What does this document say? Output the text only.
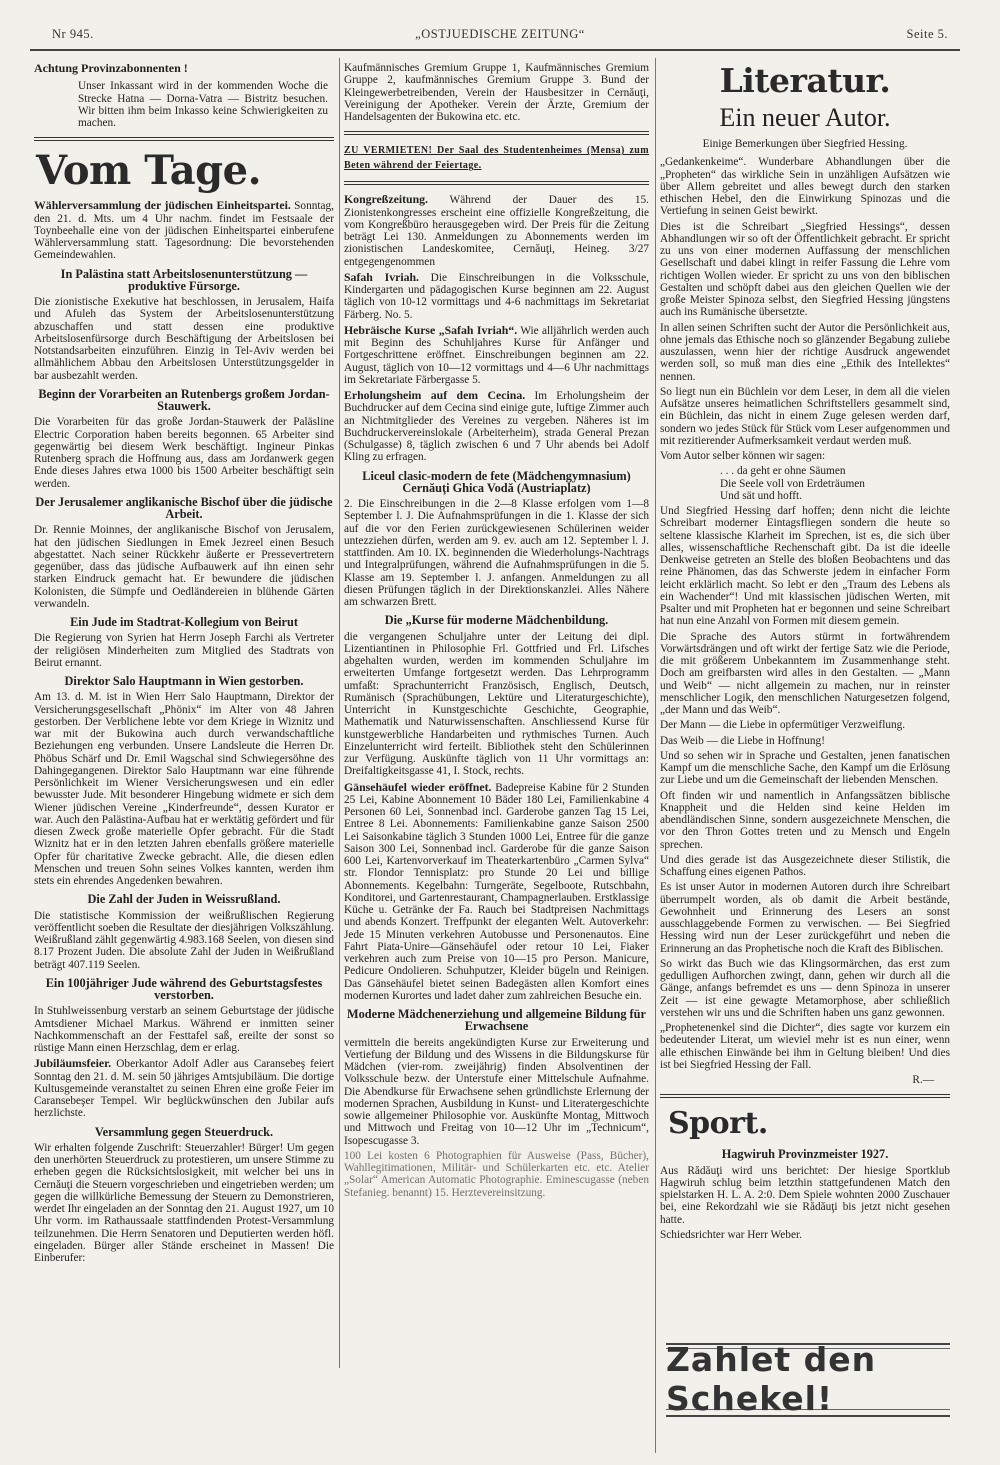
Nr 945.	„OSTJUEDISCHE ZEITUNG“	Seite 5.
Achtung Provinzabonnenten !

Unser Inkassant wird in der kommenden Woche die Strecke Hatna — Dorna-Vatra — Bistritz besuchen. Wir bitten ihm beim Inkasso keine Schwierigkeiten zu machen.

Vom Tage.

Wählerversammlung der jüdischen Einheitspartei. Sonntag, den 21. d. Mts. um 4 Uhr nachm. findet im Festsaale der Toynbeehalle eine von der jüdischen Einheitspartei einberufene Wählerversammlung statt. Tagesordnung: Die bevorstehenden Gemeindewahlen.

In Palästina statt Arbeitslosenunterstützung — produktive Fürsorge.

Die zionistische Exekutive hat beschlossen, in Jerusalem, Haifa und Afuleh das System der Arbeitslosenunterstützung abzuschaffen und statt dessen eine produktive Arbeitslosenfürsorge durch Beschäftigung der Arbeitslosen bei Notstandsarbeiten einzuführen. Einzig in Tel-Aviv werden bei allmählichem Abbau den Arbeitslosen Unterstützungsgelder in bar ausbezahlt werden.

Beginn der Vorarbeiten an Rutenbergs großem Jordan-Stauwerk.

Die Vorarbeiten für das große Jordan-Stauwerk der Paläsline Electric Corporation haben bereits begonnen. 65 Arbeiter sind gegenwärtig bei diesem Werk beschäftigt. Ingineur Pinkas Rutenberg sprach die Hoffnung aus, dass am Jordanwerk gegen Ende dieses Jahres etwa 1000 bis 1500 Arbeiter beschäftigt sein werden.

Der Jerusalemer anglikanische Bischof über die jüdische Arbeit.

Dr. Rennie Moinnes, der anglikanische Bischof von Jerusalem, hat den jüdischen Siedlungen in Emek Jezreel einen Besuch abgestattet. Nach seiner Rückkehr äußerte er Pressevertretern gegenüber, dass das jüdische Aufbauwerk auf ihn einen sehr starken Eindruck gemacht hat. Er bewundere die jüdischen Kolonisten, die Sümpfe und Oedländereien in blühende Gärten verwandeln.

Ein Jude im Stadtrat-Kollegium von Beirut

Die Regierung von Syrien hat Herrn Joseph Farchi als Vertreter der religiösen Minderheiten zum Mitglied des Stadtrats von Beirut ernannt.

Direktor Salo Hauptmann in Wien gestorben.

Am 13. d. M. ist in Wien Herr Salo Hauptmann, Direktor der Versicherungsgesellschaft „Phönix“ im Alter von 48 Jahren gestorben. Der Verblichene lebte vor dem Kriege in Wiznitz und war mit der Bukowina auch durch verwandschaftliche Beziehungen eng verbunden. Unsere Landsleute die Herren Dr. Phöbus Schärf und Dr. Emil Wagschal sind Schwiegersöhne des Dahingegangenen. Direktor Salo Hauptmann war eine führende Persönlichkeit im Wiener Versicherungswesen und ein edler bewusster Jude. Mit besonderer Hingebung widmete er sich dem Wiener jüdischen Vereine „Kinderfreunde“, dessen Kurator er war. Auch den Palästina-Aufbau hat er werktätig gefördert und für diesen Zweck große materielle Opfer gebracht. Für die Stadt Wiznitz hat er in den letzten Jahren ebenfalls größere materielle Opfer für charitative Zwecke gebracht. Alle, die diesen edlen Menschen und treuen Sohn seines Volkes kannten, werden ihm stets ein ehrendes Angedenken bewahren.

Die Zahl der Juden in Weissrußland.

Die statistische Kommission der weißrußlischen Regierung veröffentlicht soeben die Resultate der diesjährigen Volkszählung. Weißrußland zählt gegenwärtig 4.983.168 Seelen, von diesen sind 8.17 Prozent Juden. Die absolute Zahl der Juden in Weißrußland beträgt 407.119 Seelen.

Ein 100jähriger Jude während des Geburtstagsfestes verstorben.

In Stuhlweissenburg verstarb an seinem Geburtstage der jüdische Amtsdiener Michael Markus. Während er inmitten seiner Nachkommenschaft an der Festtafel saß, ereilte der sonst so rüstige Mann einen Herzschlag, dem er erlag.

Jubiläumsfeier. Oberkantor Adolf Adler aus Caransebeş feiert Sonntag den 21. d. M. sein 50 jähriges Amtsjubiläum. Die dortige Kultusgemeinde veranstaltet zu seinen Ehren eine große Feier im Caransebeşer Tempel. Wir beglückwünschen den Jubilar aufs herzlichste.

Versammlung gegen Steuerdruck.

Wir erhalten folgende Zuschrift: Steuerzahler! Bürger! Um gegen den unerhörten Steuerdruck zu protestieren, um unsere Stimme zu erheben gegen die Rücksichtslosigkeit, mit welcher bei uns in Cernăuţi die Steuern vorgeschrieben und eingetrieben werden; um gegen die willkürliche Bemessung der Steuern zu Demonstrieren, werdet Ihr eingeladen an der Sonntag den 21. August 1927, um 10 Uhr vorm. im Rathaussaale stattfindenden Protest-Versammlung teilzunehmen. Die Herrn Senatoren und Deputierten werden höfl. eingeladen. Bürger aller Stände erscheinet in Massen! Die Einberufer:

Kaufmännisches Gremium Gruppe 1, Kaufmännisches Gremium Gruppe 2, kaufmännisches Gremium Gruppe 3. Bund der Kleingewerbetreibenden, Verein der Hausbesitzer in Cernăuţi, Vereinigung der Apotheker. Verein der Ärzte, Gremium der Handelsagenten der Bukowina etc. etc.

ZU VERMIETEN! Der Saal des Studentenheimes (Mensa) zum Beten während der Feiertage.

Kongreßzeitung. Während der Dauer des 15. Zionistenkongresses erscheint eine offizielle Kongreßzeitung, die vom Kongreßbüro herausgegeben wird. Der Preis für die Zeitung beträgt Lei 130. Anmeldungen zu Abonnements werden im zionistischen Landeskomitee, Cernăuţi, Heineg. 3/27 entgegengenommen

Safah Ivriah. Die Einschreibungen in die Volksschule, Kindergarten und pädagogischen Kurse beginnen am 22. August täglich von 10-12 vormittags und 4-6 nachmittags im Sekretariat Färberg. No. 5.

Hebräische Kurse „Safah Ivriah“. Wie alljährlich werden auch mit Beginn des Schuhljahres Kurse für Anfänger und Fortgeschrittene eröffnet. Einschreibungen beginnen am 22. August, täglich von 10—12 vormittags und 4—6 Uhr nachmittags im Sekretariate Färbergasse 5.

Erholungsheim auf dem Cecina. Im Erholungsheim der Buchdrucker auf dem Cecina sind einige gute, luftige Zimmer auch an Nichtmitglieder des Vereines zu vergeben. Näheres ist im Buchdruckervereinslokale (Arbeiterheim), strada General Prezan (Schulgasse) 8, täglich zwischen 6 und 7 Uhr abends bei Adolf Kling zu erfragen.

Liceul clasic-modern de fete (Mädchengymnasium) Cernăuţi Ghica Vodă (Austriaplatz)

2. Die Einschreibungen in die 2—8 Klasse erfolgen vom 1—8 September l. J. Die Aufnahmsprüfungen in die 1. Klasse der sich auf die vor den Ferien zurückgewiesenen Schülerinen weider untezziehen dürfen, werden am 9. ev. auch am 12. September l. J. stattfinden. Am 10. IX. beginnenden die Wiederholungs-Nachtrags und Integralprüfungen, während die Aufnahmsprüfungen in die 5. Klasse am 19. September l. J. anfangen. Anmeldungen zu all diesen Prüfungen täglich in der Direktionskanzlei. Alles Nähere am schwarzen Brett.

Die „Kurse für moderne Mädchenbildung.

die vergangenen Schuljahre unter der Leitung dei dipl. Lizentiantinen in Philosophie Frl. Gottfried und Frl. Lifsches abgehalten wurden, werden im kommenden Schuljahre im erweiterten Umfange fortgesetzt werden. Das Lehrprogramm umfaßt: Sprachunterricht Französisch, Englisch, Deutsch, Rumänisch (Sprachübungen, Lektüre und Literaturgeschichte), Unterricht in Kunstgeschichte Geschichte, Geographie, Mathematik und Naturwissenschaften. Anschliessend Kurse für kunstgewerbliche Handarbeiten und rythmisches Turnen. Auch Einzelunterricht wird ferteilt. Bibliothek steht den Schülerinnen zur Verfügung. Auskünfte täglich von 11 Uhr vormittags an: Dreifaltigkeitsgasse 41, I. Stock, rechts.

Gänsehäufel wieder eröffnet. Badepreise Kabine für 2 Stunden 25 Lei, Kabine Abonnement 10 Bäder 180 Lei, Familienkabine 4 Personen 60 Lei, Sonnenbad incl. Garderobe ganzen Tag 15 Lei, Entree 8 Lei. Abonnements: Familienkabine ganze Saison 2500 Lei Saisonkabine täglich 3 Stunden 1000 Lei, Entree für die ganze Saison 300 Lei, Sonnenbad incl. Garderobe für die ganze Saison 600 Lei, Kartenvorverkauf im Theaterkartenbüro „Carmen Sylva“ str. Flondor Tennisplatz: pro Stunde 20 Lei und billige Abonnements. Kegelbahn: Turngeräte, Segelboote, Rutschbahn, Konditorei, und Gartenrestaurant, Champagnerlauben. Erstklassige Küche u. Getränke der Fa. Rauch bei Stadtpreisen Nachmittags und abends Konzert. Treffpunkt der eleganten Welt. Autoverkehr: Jede 15 Minuten verkehren Autobusse und Personenautos. Eine Fahrt Piata-Unire—Gänsehäufel oder retour 10 Lei, Fiaker verkehren auch zum Preise von 10—15 pro Person. Manicure, Pedicure Ondolieren. Schuhputzer, Kleider bügeln und Reinigen. Das Gänsehäufel bietet seinen Badegästen allen Komfort eines modernen Kurortes und ladet daher zum zahlreichen Besuche ein.

Moderne Mädchenerziehung und allgemeine Bildung für Erwachsene

vermitteln die bereits angekündigten Kurse zur Erweiterung und Vertiefung der Bildung und des Wissens in die Bildungskurse für Mädchen (vier-rom. zweijährig) finden Absolventinen der Volksschule bezw. der Unterstufe einer Mittelschule Aufnahme. Die Abendkurse für Erwachsene sehen gründlichste Erlernung der modernen Sprachen, Ausbildung in Kunst- und Literatergeschichte sowie allgemeiner Philosophie vor. Auskünfte Montag, Mittwoch und Mittwoch und Freitag von 10—12 Uhr im „Technicum“, Isopescugasse 3.

100 Lei kosten 6 Photographien für Ausweise (Pass, Bücher), Wahllegitimationen, Militär- und Schülerkarten etc. etc. Atelier „Solar“ American Automatic Photographie. Eminescugasse (neben Stefanieg. benannt) 15. Herztevereinsitzung.

Literatur.
Ein neuer Autor.
Einige Bemerkungen über Siegfried Hessing.

„Gedankenkeime“. Wunderbare Abhandlungen über die „Propheten“ das wirkliche Sein in unzähligen Aufsätzen wie über Allem gebreitet und alles bewegt durch den starken ethischen Hebel, den die Einwirkung Spinozas und die Vertiefung in seinen Geist bewirkt.

Dies ist die Schreibart „Siegfried Hessings“, dessen Abhandlungen wir so oft der Öffentlichkeit gebracht. Er spricht zu uns von einer modernen Auffassung der menschlichen Gesellschaft und dabei klingt in reifer Fassung die Lehre vom richtigen Wollen wieder. Er spricht zu uns von den biblischen Gestalten und schöpft dabei aus den gleichen Quellen wie der große Meister Spinoza selbst, den Siegfried Hessing jüngstens auch ins Rumänische übersetzte.

In allen seinen Schriften sucht der Autor die Persönlichkeit aus, ohne jemals das Ethische noch so glänzender Begabung zuliebe auszulassen, wenn hier der richtige Ausdruck angewendet werden soll, so muß man dies eine „Ethik des Intellektes“ nennen.

So liegt nun ein Büchlein vor dem Leser, in dem all die vielen Aufsätze unseres heimatlichen Schriftstellers gesammelt sind, ein Büchlein, das nicht in einem Zuge gelesen werden darf, sondern wo jedes Stück für Stück vom Leser aufgenommen und mit rezitierender Aufmerksamkeit verdaut werden muß.

Vom Autor selber können wir sagen:

. . . da geht er ohne Säumen
Die Seele voll von Erdeträumen
Und sät und hofft.

Und Siegfried Hessing darf hoffen; denn nicht die leichte Schreibart moderner Eintagsfliegen sondern die heute so seltene klassische Klarheit im Sprechen, ist es, die sich über alles, wissenschaftliche Rechenschaft gibt. Da ist die ideelle Denkweise getreten an Stelle des bloßen Beobachtens und das reine Phänomen, das das Schwerste jedem in einfacher Form leicht erklärlich macht. So lebt er den „Traum des Lebens als ein Wachender“! Und mit klassischen jüdischen Werten, mit Psalter und mit Propheten hat er begonnen und seine Schreibart hat nun eine Anzahl von Formen mit diesem gemein.

Die Sprache des Autors stürmt in fortwährendem Vorwärtsdrängen und oft wirkt der fertige Satz wie die Periode, die mit größerem Unbekanntem im Zusammenhange steht. Doch am greifbarsten wird alles in den Gestalten. — „Mann und Weib“ — nicht allgemein zu machen, nur in reinster menschlicher Logik, den menschlichen Naturgesetzen folgend, „der Mann und das Weib“.

Der Mann — die Liebe in opfermütiger Verzweiflung.

Das Weib — die Liebe in Hoffnung!

Und so sehen wir in Sprache und Gestalten, jenen fanatischen Kampf um die menschliche Sache, den Kampf um die Erlösung zur Liebe und um die Gemeinschaft der liebenden Menschen.

Oft finden wir und namentlich in Anfangssätzen biblische Knappheit und die Helden sind keine Helden im abendländischen Sinne, sondern ausgezeichnete Menschen, die vor den Thron Gottes treten und zu Mensch und Engeln sprechen.

Und dies gerade ist das Ausgezeichnete dieser Stilistik, die Schaffung eines eigenen Pathos.

Es ist unser Autor in modernen Autoren durch ihre Schreibart überrumpelt worden, als ob damit die Arbeit bestände, Gewohnheit und Erinnerung des Lesers an sonst ausschlaggebende Formen zu verwischen. — Bei Siegfried Hessing wird nun der Leser zurückgeführt und neben die Erinnerung an das Prophetische noch die Kraft des Biblischen.

So wirkt das Buch wie das Klingsormärchen, das erst zum gedulligen Aufhorchen zwingt, dann, gehen wir durch all die Gänge, anfangs befremdet es uns — denn Spinoza in unserer Zeit — ist eine gewagte Metamorphose, aber schließlich verstehen wir uns und die Schriften haben uns ganz gewonnen.

„Prophetenenkel sind die Dichter“, dies sagte vor kurzem ein bedeutender Literat, um wieviel mehr ist es nun einer, wenn alle ethischen Einwände bei ihm in Geltung bleiben! Und dies ist bei Siegfried Hessing der Fall.

R.—
Sport.
Hagwiruh Provinzmeister 1927.

Aus Rădăuţi wird uns berichtet: Der hiesige Sportklub Hagwiruh schlug beim letzthin stattgefundenen Match den spielstarken H. L. A. 2:0. Dem Spiele wohnten 2000 Zuschauer bei, eine Rekordzahl wie sie Rădăuţi bis jetzt nicht gesehen hatte.

Schiedsrichter war Herr Weber.

Zahlet den Schekel!
